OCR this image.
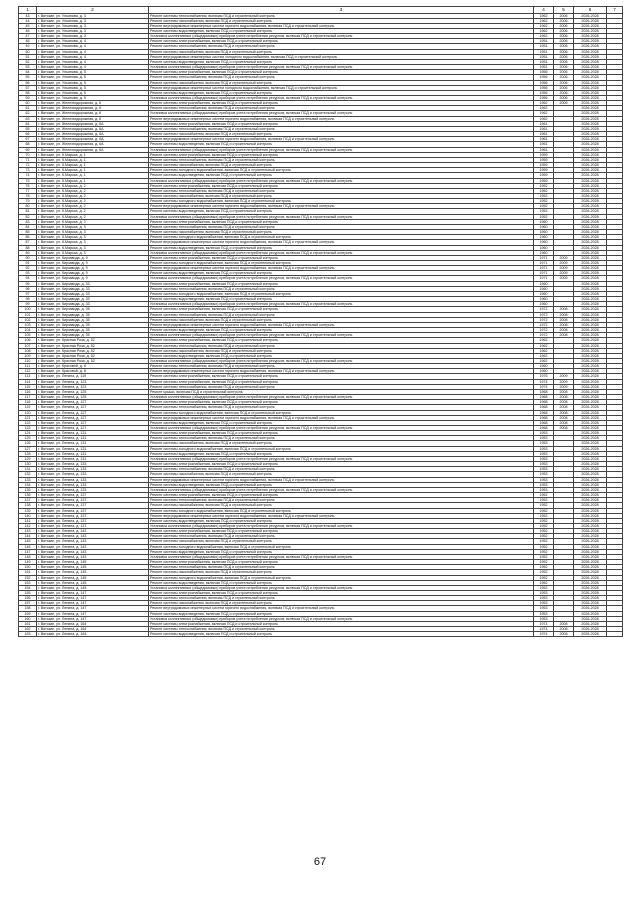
1	2	3	4	5	6	7
43	г. Вятские, ул. Ульянова, д. 3	Ремонт системы теплоснабжения, включая ПСД и строительный контроль	1962	2006	2026-2028	
44	г. Вятские, ул. Ульянова, д. 3	Ремонт системы газоснабжения, включая ПСД и строительный контроль	1962	2006	2026-2028	
45	г. Вятские, ул. Ульянова, д. 3	Ремонт внутридомовых инженерных систем горячего водоснабжения, включая ПСД и строительный контроль	1962	2006	2026-2028	
46	г. Вятские, ул. Ульянова, д. 3	Ремонт системы водоотведения, включая ПСД и строительный контроль	1962	2006	2026-2028	
47	г. Вятские, ул. Ульянова, д. 3	Установка коллективных (общедомовых) приборов учета потребления ресурсов, включая ПСД и строительный контроль	1962	2006	2026-2028	
48	г. Вятские, ул. Ульянова, д. 4	Ремонт системы электроснабжения, включая ПСД и строительный контроль	1951	2006	2026-2028	
49	г. Вятские, ул. Ульянова, д. 4	Ремонт системы теплоснабжения, включая ПСД и строительный контроль	1951	2006	2026-2028	
50	г. Вятские, ул. Ульянова, д. 4	Ремонт системы газоснабжения, включая ПСД и строительный контроль	1951	2006	2026-2028	
51	г. Вятские, ул. Ульянова, д. 4	Ремонт внутридомовых инженерных систем холодного водоснабжения, включая ПСД и строительный контроль	1951	2006	2026-2028	
52	г. Вятские, ул. Ульянова, д. 4	Ремонт системы водоотведения, включая ПСД и строительный контроль	1951	2006	2026-2028	
53	г. Вятские, ул. Ульянова, д. 4	Установка коллективных (общедомовых) приборов учета потребления ресурсов, включая ПСД и строительный контроль	1951	2006	2026-2028	
54	г. Вятские, ул. Ульянова, д. 5	Ремонт системы электроснабжения, включая ПСД и строительный контроль	1956	2006	2026-2028	
55	г. Вятские, ул. Ульянова, д. 5	Ремонт системы теплоснабжения, включая ПСД и строительный контроль	1956	2006	2026-2028	
56	г. Вятские, ул. Ульянова, д. 5	Ремонт системы газоснабжения, включая ПСД и строительный контроль	1956	2006	2026-2028	
57	г. Вятские, ул. Ульянова, д. 5	Ремонт внутридомовых инженерных систем холодного водоснабжения, включая ПСД и строительный контроль	1956	2006	2026-2028	
58	г. Вятские, ул. Ульянова, д. 5	Ремонт системы водоотведения, включая ПСД и строительный контроль	1956	2006	2026-2028	
59	г. Вятские, ул. Ульянова, д. 5	Установка коллективных (общедомовых) приборов учета потребления ресурсов, включая ПСД и строительный контроль	1956	2006	2026-2028	
60	г. Вятские, ул. Железнодорожная, д. 6	Ремонт системы электроснабжения, включая ПСД и строительный контроль	1962	2009	2026-2028	
61	г. Вятские, ул. Железнодорожная, д. 6	Ремонт системы теплоснабжения, включая ПСД и строительный контроль	1962		2026-2028	
62	г. Вятские, ул. Железнодорожная, д. 6	Установка коллективных (общедомовых) приборов учета потребления ресурсов, включая ПСД и строительный контроль	1962		2026-2028	
63	г. Вятские, ул. Железнодорожная, д. 6	Ремонт внутридомовых инженерных систем горячего водоснабжения, включая ПСД и строительный контроль	1962		2026-2028	
64	г. Вятские, ул. Железнодорожная, д. 6А	Ремонт системы электроснабжения, включая ПСД и строительный контроль	1961		2026-2028	
65	г. Вятские, ул. Железнодорожная, д. 6А	Ремонт системы теплоснабжения, включая ПСД и строительный контроль	1961		2026-2028	
66	г. Вятские, ул. Железнодорожная, д. 6А	Ремонт системы газоснабжения, включая ПСД и строительный контроль	1961		2026-2028	
67	г. Вятские, ул. Железнодорожная, д. 6А	Ремонт внутридомовых инженерных систем горячего водоснабжения, включая ПСД и строительный контроль	1961		2026-2028	
68	г. Вятские, ул. Железнодорожная, д. 6А	Ремонт системы водоотведения, включая ПСД и строительный контроль	1961		2026-2028	
69	г. Вятские, ул. Железнодорожная, д. 6А	Установка коллективных (общедомовых) приборов учета потребления ресурсов, включая ПСД и строительный контроль	1961		2026-2028	
70	г. Вятские, ул. К.Маркса, д. 1	Ремонт системы электроснабжения, включая ПСД и строительный контроль	1959		2026-2028	
71	г. Вятские, ул. К.Маркса, д. 1	Ремонт системы теплоснабжения, включая ПСД и строительный контроль	1959		2026-2028	
72	г. Вятские, ул. К.Маркса, д. 1	Ремонт системы газоснабжения, включая ПСД и строительный контроль	1959		2026-2028	
73	г. Вятские, ул. К.Маркса, д. 1	Ремонт системы холодного водоснабжения, включая ПСД и строительный контроль	1959		2026-2028	
74	г. Вятские, ул. К.Маркса, д. 1	Ремонт системы водоотведения, включая ПСД и строительный контроль	1959		2026-2028	
75	г. Вятские, ул. К.Маркса, д. 1	Установка коллективных (общедомовых) приборов учета потребления ресурсов, включая ПСД и строительный контроль	1959		2026-2028	
76	г. Вятские, ул. К.Маркса, д. 2	Ремонт системы электроснабжения, включая ПСД и строительный контроль	1952		2026-2028	
77	г. Вятские, ул. К.Маркса, д. 2	Ремонт системы теплоснабжения, включая ПСД и строительный контроль	1952		2026-2028	
78	г. Вятские, ул. К.Маркса, д. 2	Ремонт системы газоснабжения, включая ПСД и строительный контроль	1952		2026-2028	
79	г. Вятские, ул. К.Маркса, д. 2	Ремонт системы холодного водоснабжения, включая ПСД и строительный контроль	1952		2026-2028	
80	г. Вятские, ул. К.Маркса, д. 2	Ремонт внутридомовых инженерных систем горячего водоснабжения, включая ПСД и строительный контроль	1952		2026-2028	
81	г. Вятские, ул. К.Маркса, д. 2	Ремонт системы водоотведения, включая ПСД и строительный контроль	1952		2026-2028	
82	г. Вятские, ул. К.Маркса, д. 2	Установка коллективных (общедомовых) приборов учета потребления ресурсов, включая ПСД и строительный контроль	1952		2026-2028	
83	г. Вятские, ул. К.Маркса, д. 3	Ремонт системы электроснабжения, включая ПСД и строительный контроль	1960		2026-2028	
84	г. Вятские, ул. К.Маркса, д. 3	Ремонт системы теплоснабжения, включая ПСД и строительный контроль	1960		2026-2028	
85	г. Вятские, ул. К.Маркса, д. 3	Ремонт системы газоснабжения, включая ПСД и строительный контроль	1960		2026-2028	
86	г. Вятские, ул. К.Маркса, д. 3	Ремонт системы холодного водоснабжения, включая ПСД и строительный контроль	1960		2026-2028	
87	г. Вятские, ул. К.Маркса, д. 3	Ремонт внутридомовых инженерных систем горячего водоснабжения, включая ПСД и строительный контроль	1960		2026-2028	
88	г. Вятские, ул. К.Маркса, д. 3	Ремонт системы водоотведения, включая ПСД и строительный контроль	1960		2026-2028	
89	г. Вятские, ул. К.Маркса, д. 3	Установка коллективных (общедомовых) приборов учета потребления ресурсов, включая ПСД и строительный контроль	1960		2026-2028	
90	г. Вятские, ул. Кирзавода, д. 9	Ремонт системы электроснабжения, включая ПСД и строительный контроль	1971	2009	2026-2028	
91	г. Вятские, ул. Кирзавода, д. 9	Ремонт системы холодного водоснабжения, включая ПСД и строительный контроль	1971	2009	2026-2028	
92	г. Вятские, ул. Кирзавода, д. 9	Ремонт внутридомовых инженерных систем горячего водоснабжения, включая ПСД и строительный контроль	1971	2009	2026-2028	
93	г. Вятские, ул. Кирзавода, д. 9	Ремонт системы водоотведения, включая ПСД и строительный контроль	1971	2009	2026-2028	
94	г. Вятские, ул. Кирзавода, д. 9	Установка коллективных (общедомовых) приборов учета потребления ресурсов, включая ПСД и строительный контроль	1971	2009	2026-2028	
95	г. Вятские, ул. Кирзавода, д. 33	Ремонт системы электроснабжения, включая ПСД и строительный контроль	1960		2026-2028	
96	г. Вятские, ул. Кирзавода, д. 33	Ремонт системы теплоснабжения, включая ПСД и строительный контроль	1960		2026-2028	
97	г. Вятские, ул. Кирзавода, д. 33	Ремонт системы холодного водоснабжения, включая ПСД и строительный контроль	1960		2026-2028	
98	г. Вятские, ул. Кирзавода, д. 33	Ремонт системы водоотведения, включая ПСД и строительный контроль	1960		2026-2028	
99	г. Вятские, ул. Кирзавода, д. 33	Установка коллективных (общедомовых) приборов учета потребления ресурсов, включая ПСД и строительный контроль	1960		2026-2028	
100	г. Вятские, ул. Кирзавода, д. 35	Ремонт системы электроснабжения, включая ПСД и строительный контроль	1972	2008	2026-2028	
101	г. Вятские, ул. Кирзавода, д. 35	Ремонт системы теплоснабжения, включая ПСД и строительный контроль	1972	2008	2026-2028	
102	г. Вятские, ул. Кирзавода, д. 35	Ремонт системы газоснабжения, включая ПСД и строительный контроль	1972	2008	2026-2028	
103	г. Вятские, ул. Кирзавода, д. 35	Ремонт внутридомовых инженерных систем горячего водоснабжения, включая ПСД и строительный контроль	1972	2008	2026-2028	
104	г. Вятские, ул. Кирзавода, д. 35	Ремонт системы водоотведения, включая ПСД и строительный контроль	1972	2008	2026-2028	
105	г. Вятские, ул. Кирзавода, д. 35	Установка коллективных (общедомовых) приборов учета потребления ресурсов, включая ПСД и строительный контроль	1972	2008	2026-2028	
106	г. Вятские, ул. Красная Роза, д. 52	Ремонт системы электроснабжения, включая ПСД и строительный контроль	1962		2026-2028	
107	г. Вятские, ул. Красная Роза, д. 52	Ремонт системы теплоснабжения, включая ПСД и строительный контроль	1962		2026-2028	
108	г. Вятские, ул. Красная Роза, д. 52	Ремонт системы газоснабжения, включая ПСД и строительный контроль	1962		2026-2028	
109	г. Вятские, ул. Красная Роза, д. 52	Ремонт системы водоотведения, включая ПСД и строительный контроль	1962		2026-2028	
110	г. Вятские, ул. Красная Роза, д. 52	Установка коллективных (общедомовых) приборов учета потребления ресурсов, включая ПСД и строительный контроль	1962		2026-2028	
111	г. Вятские, ул. Красовой, д. 8	Ремонт системы теплоснабжения, включая ПСД и строительный контроль	1960		2026-2028	
112	г. Вятские, ул. Красовой, д. 8	Ремонт внутридомовых инженерных систем горячего водоснабжения, включая ПСД и строительный контроль	1960		2026-2028	
113	г. Вятские, ул. Ленина, д. 119	Ремонт системы электроснабжения, включая ПСД и строительный контроль	1976	2009	2026-2028	
114	г. Вятские, ул. Ленина, д. 123	Ремонт системы электроснабжения, включая ПСД и строительный контроль	1974	2009	2026-2028	
115	г. Вятские, ул. Ленина, д. 123	Ремонт системы теплоснабжения, включая ПСД и строительный контроль	1974	2009	2026-2028	
116	г. Вятские, ул. Ленина, д. 125	Ремонт крыши, включая ПСД и строительный контроль	1968	2008	2026-2028	
117	г. Вятские, ул. Ленина, д. 125	Установка коллективных (общедомовых) приборов учета потребления ресурсов, включая ПСД и строительный контроль	1968	2008	2026-2028	
118	г. Вятские, ул. Ленина, д. 127	Ремонт системы электроснабжения, включая ПСД и строительный контроль	1968	2008	2026-2028	
119	г. Вятские, ул. Ленина, д. 127	Ремонт системы теплоснабжения, включая ПСД и строительный контроль	1968	2008	2026-2028	
120	г. Вятские, ул. Ленина, д. 127	Ремонт системы холодного водоснабжения, включая ПСД и строительный контроль	1968	2008	2026-2028	
121	г. Вятские, ул. Ленина, д. 127	Ремонт внутридомовых инженерных систем горячего водоснабжения, включая ПСД и строительный контроль	1968	2008	2026-2028	
122	г. Вятские, ул. Ленина, д. 127	Ремонт системы водоотведения, включая ПСД и строительный контроль	1968	2008	2026-2028	
123	г. Вятские, ул. Ленина, д. 127	Установка коллективных (общедомовых) приборов учета потребления ресурсов, включая ПСД и строительный контроль	1968	2008	2026-2028	
124	г. Вятские, ул. Ленина, д. 131	Ремонт системы электроснабжения, включая ПСД и строительный контроль	1953		2026-2028	
125	г. Вятские, ул. Ленина, д. 131	Ремонт системы теплоснабжения, включая ПСД и строительный контроль	1953		2026-2028	
126	г. Вятские, ул. Ленина, д. 131	Ремонт системы газоснабжения, включая ПСД и строительный контроль	1953		2026-2028	
127	г. Вятские, ул. Ленина, д. 131	Ремонт системы холодного водоснабжения, включая ПСД и строительный контроль	1953		2026-2028	
128	г. Вятские, ул. Ленина, д. 131	Ремонт системы водоотведения, включая ПСД и строительный контроль	1953		2026-2028	
129	г. Вятские, ул. Ленина, д. 131	Установка коллективных (общедомовых) приборов учета потребления ресурсов, включая ПСД и строительный контроль	1953		2026-2028	
130	г. Вятские, ул. Ленина, д. 133	Ремонт системы электроснабжения, включая ПСД и строительный контроль	1953		2026-2028	
131	г. Вятские, ул. Ленина, д. 133	Ремонт системы теплоснабжения, включая ПСД и строительный контроль	1953		2026-2028	
132	г. Вятские, ул. Ленина, д. 133	Ремонт системы газоснабжения, включая ПСД и строительный контроль	1953		2026-2028	
133	г. Вятские, ул. Ленина, д. 133	Ремонт внутридомовых инженерных систем горячего водоснабжения, включая ПСД и строительный контроль	1953		2026-2028	
134	г. Вятские, ул. Ленина, д. 133	Ремонт системы водоотведения, включая ПСД и строительный контроль	1953		2026-2028	
135	г. Вятские, ул. Ленина, д. 133	Установка коллективных (общедомовых) приборов учета потребления ресурсов, включая ПСД и строительный контроль	1953		2026-2028	
136	г. Вятские, ул. Ленина, д. 137	Ремонт системы электроснабжения, включая ПСД и строительный контроль	1952		2026-2028	
137	г. Вятские, ул. Ленина, д. 137	Ремонт системы теплоснабжения, включая ПСД и строительный контроль	1952		2026-2028	
138	г. Вятские, ул. Ленина, д. 137	Ремонт системы газоснабжения, включая ПСД и строительный контроль	1952		2026-2028	
139	г. Вятские, ул. Ленина, д. 137	Ремонт системы холодного водоснабжения, включая ПСД и строительный контроль	1952		2026-2028	
140	г. Вятские, ул. Ленина, д. 137	Ремонт внутридомовых инженерных систем горячего водоснабжения, включая ПСД и строительный контроль	1952		2026-2028	
141	г. Вятские, ул. Ленина, д. 137	Ремонт системы водоотведения, включая ПСД и строительный контроль	1952		2026-2028	
142	г. Вятские, ул. Ленина, д. 137	Установка коллективных (общедомовых) приборов учета потребления ресурсов, включая ПСД и строительный контроль	1952		2026-2028	
143	г. Вятские, ул. Ленина, д. 143	Ремонт системы электроснабжения, включая ПСД и строительный контроль	1952		2026-2028	
144	г. Вятские, ул. Ленина, д. 143	Ремонт системы теплоснабжения, включая ПСД и строительный контроль	1952		2026-2028	
145	г. Вятские, ул. Ленина, д. 143	Ремонт системы газоснабжения, включая ПСД и строительный контроль	1952		2026-2028	
146	г. Вятские, ул. Ленина, д. 143	Ремонт системы холодного водоснабжения, включая ПСД и строительный контроль	1952		2026-2028	
147	г. Вятские, ул. Ленина, д. 143	Ремонт системы водоотведения, включая ПСД и строительный контроль	1952		2026-2028	
148	г. Вятские, ул. Ленина, д. 143	Установка коллективных (общедомовых) приборов учета потребления ресурсов, включая ПСД и строительный контроль	1952		2026-2028	
149	г. Вятские, ул. Ленина, д. 145	Ремонт системы электроснабжения, включая ПСД и строительный контроль	1952		2026-2028	
150	г. Вятские, ул. Ленина, д. 145	Ремонт системы теплоснабжения, включая ПСД и строительный контроль	1952		2026-2028	
151	г. Вятские, ул. Ленина, д. 145	Ремонт системы газоснабжения, включая ПСД и строительный контроль	1952		2026-2028	
152	г. Вятские, ул. Ленина, д. 145	Ремонт системы холодного водоснабжения, включая ПСД и строительный контроль	1952		2026-2028	
153	г. Вятские, ул. Ленина, д. 145	Ремонт системы водоотведения, включая ПСД и строительный контроль	1952		2026-2028	
154	г. Вятские, ул. Ленина, д. 145	Установка коллективных (общедомовых) приборов учета потребления ресурсов, включая ПСД и строительный контроль	1952		2026-2028	
155	г. Вятские, ул. Ленина, д. 147	Ремонт системы электроснабжения, включая ПСД и строительный контроль	1953		2026-2028	
156	г. Вятские, ул. Ленина, д. 147	Ремонт системы теплоснабжения, включая ПСД и строительный контроль	1953		2026-2028	
157	г. Вятские, ул. Ленина, д. 147	Ремонт системы газоснабжения, включая ПСД и строительный контроль	1953		2026-2028	
158	г. Вятские, ул. Ленина, д. 147	Ремонт внутридомовых инженерных систем горячего водоснабжения, включая ПСД и строительный контроль	1953		2026-2028	
159	г. Вятские, ул. Ленина, д. 147	Ремонт системы водоотведения, включая ПСД и строительный контроль	1953		2026-2028	
160	г. Вятские, ул. Ленина, д. 147	Установка коллективных (общедомовых) приборов учета потребления ресурсов, включая ПСД и строительный контроль	1953		2026-2028	
161	г. Вятские, ул. Ленина, д. 164	Ремонт системы электроснабжения, включая ПСД и строительный контроль	1974	2008	2026-2028	
162	г. Вятские, ул. Ленина, д. 164	Ремонт системы теплоснабжения, включая ПСД и строительный контроль	1974	2008	2026-2028	
163	г. Вятские, ул. Ленина, д. 164	Ремонт системы водоотведения, включая ПСД и строительный контроль	1974	2008	2026-2028	
67
